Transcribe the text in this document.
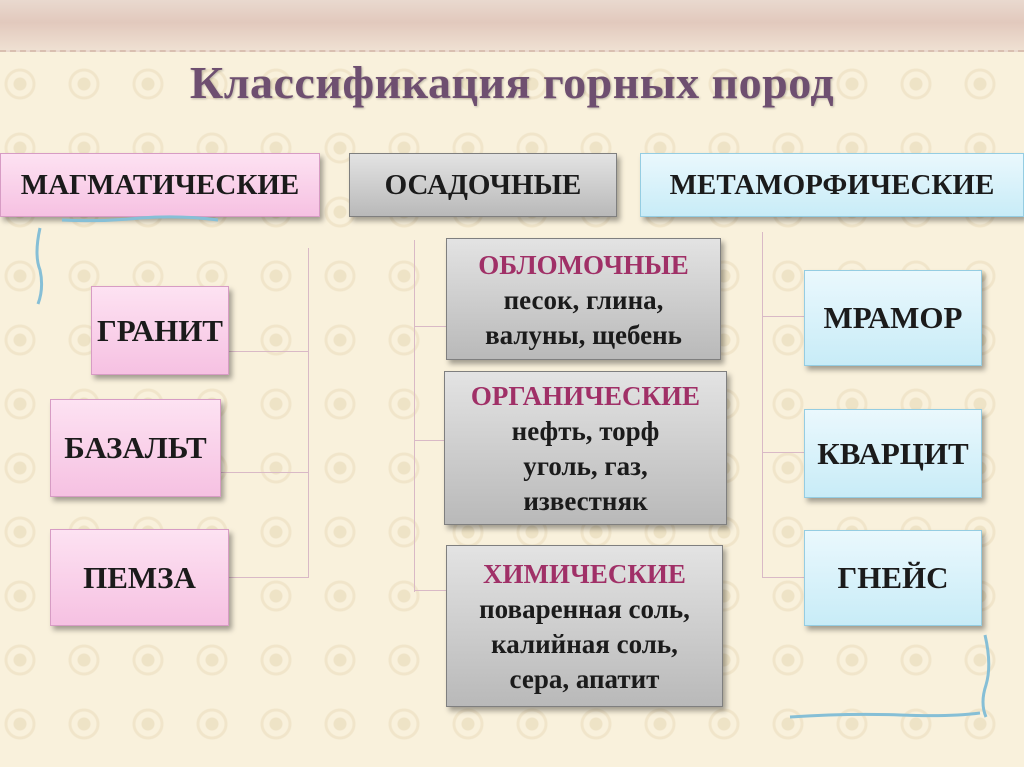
Классификация горных пород
МАГМАТИЧЕСКИЕ	ОСАДОЧНЫЕ	МЕТАМОРФИЧЕСКИЕ
ГРАНИТ
БАЗАЛЬТ
ПЕМЗА
ОБЛОМОЧНЫЕ
песок, глина,
валуны, щебень
ОРГАНИЧЕСКИЕ
нефть, торф
уголь, газ,
известняк
ХИМИЧЕСКИЕ
поваренная соль,
калийная соль,
сера, апатит
МРАМОР
КВАРЦИТ
ГНЕЙС
